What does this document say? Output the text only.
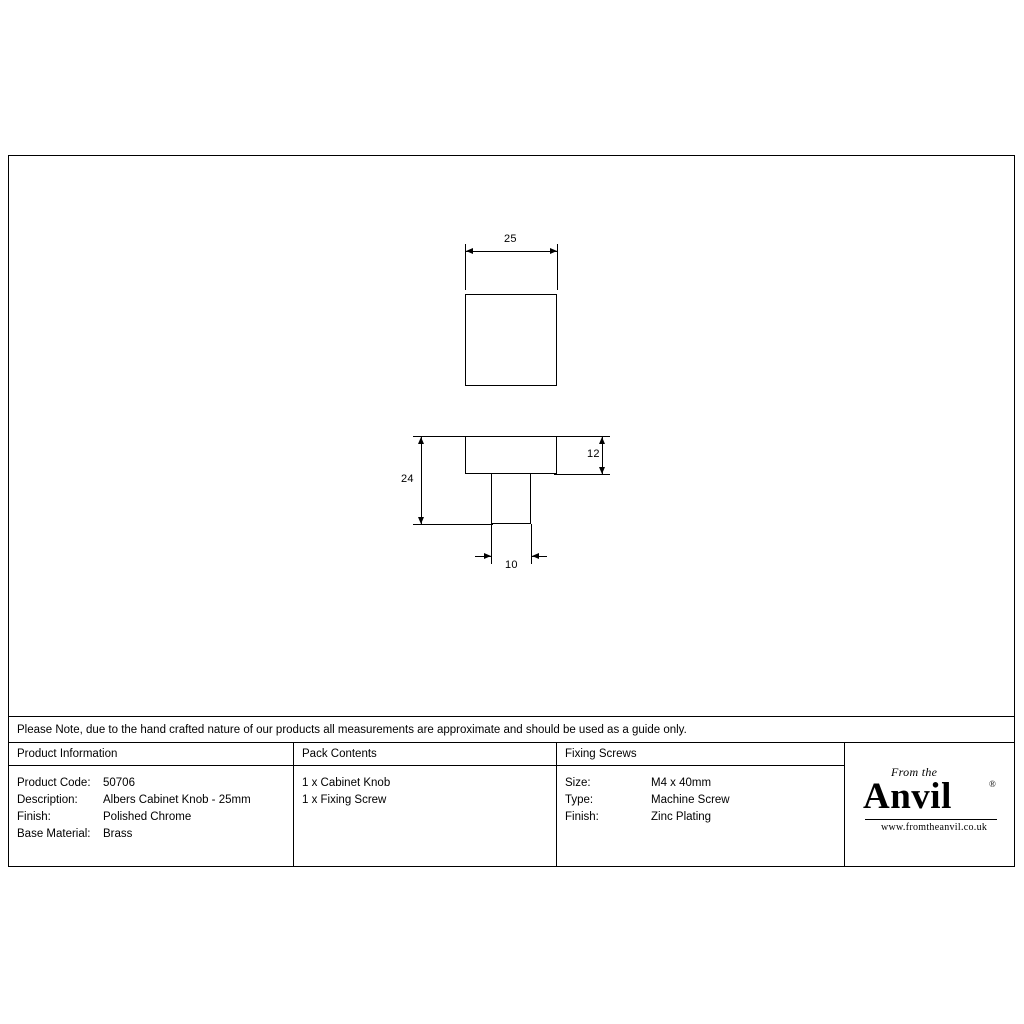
25
24
12
10
Please Note, due to the hand crafted nature of our products all measurements are approximate and should be used as a guide only.
Product Information
Product Code:	50706
Description:	Albers Cabinet Knob - 25mm
Finish:	Polished Chrome
Base Material:	Brass
Pack Contents
1 x Cabinet Knob
1 x Fixing Screw
Fixing Screws
Size:	M4 x 40mm
Type:	Machine Screw
Finish:	Zinc Plating
From the
Anvil	®
www.fromtheanvil.co.uk
